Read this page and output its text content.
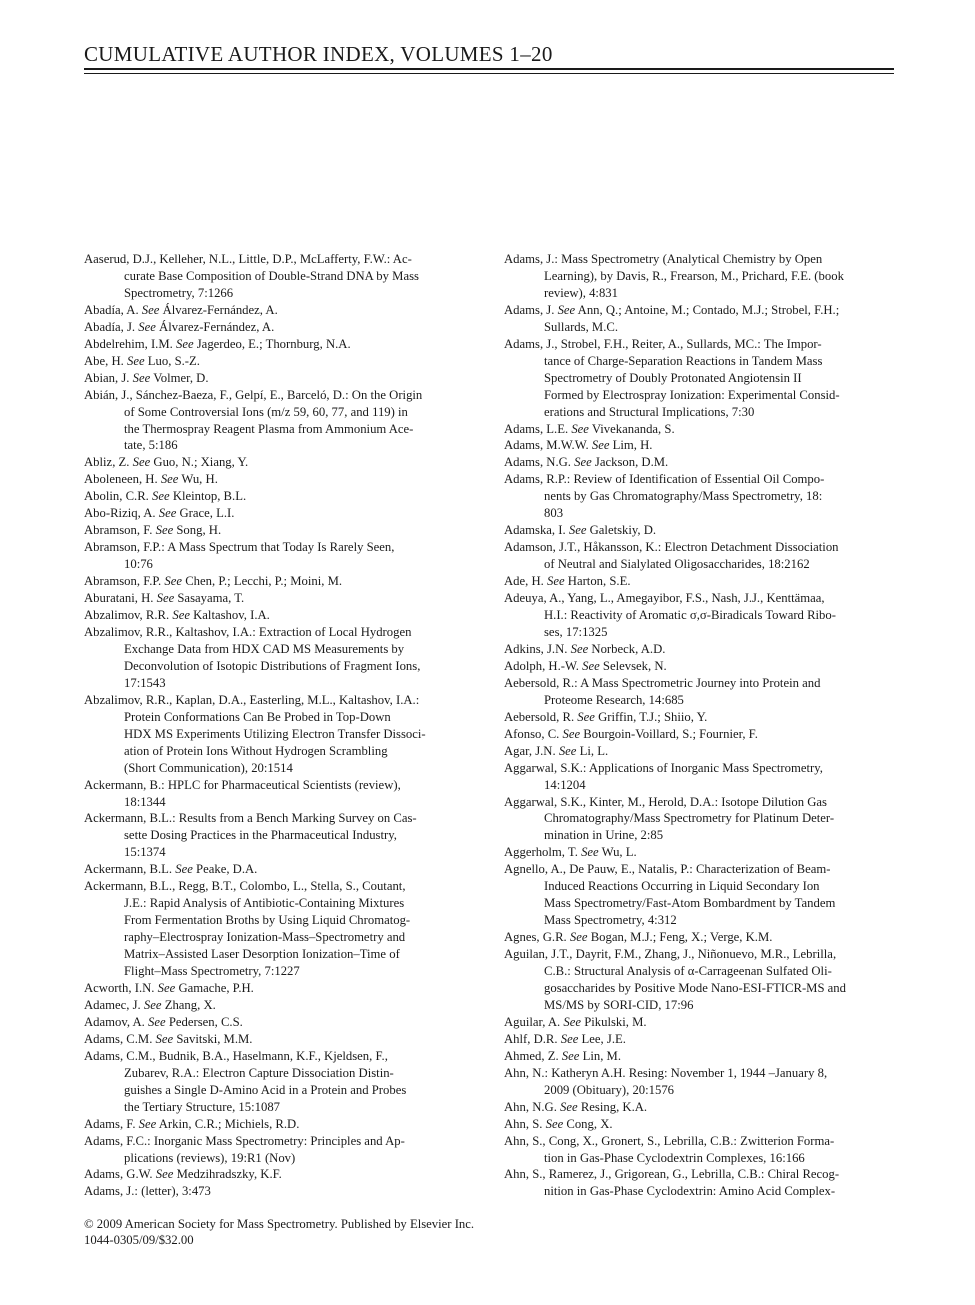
CUMULATIVE AUTHOR INDEX, VOLUMES 1–20

Aaserud, D.J., Kelleher, N.L., Little, D.P., McLafferty, F.W.: Ac-
curate Base Composition of Double-Strand DNA by Mass
Spectrometry, 7:1266

Abadía, A. See Álvarez-Fernández, A.

Abadía, J. See Álvarez-Fernández, A.

Abdelrehim, I.M. See Jagerdeo, E.; Thornburg, N.A.

Abe, H. See Luo, S.-Z.

Abian, J. See Volmer, D.

Abián, J., Sánchez-Baeza, F., Gelpí, E., Barceló, D.: On the Origin
of Some Controversial Ions (m/z 59, 60, 77, and 119) in
the Thermospray Reagent Plasma from Ammonium Ace-
tate, 5:186

Abliz, Z. See Guo, N.; Xiang, Y.

Aboleneen, H. See Wu, H.

Abolin, C.R. See Kleintop, B.L.

Abo-Riziq, A. See Grace, L.I.

Abramson, F. See Song, H.

Abramson, F.P.: A Mass Spectrum that Today Is Rarely Seen,
10:76

Abramson, F.P. See Chen, P.; Lecchi, P.; Moini, M.

Aburatani, H. See Sasayama, T.

Abzalimov, R.R. See Kaltashov, I.A.

Abzalimov, R.R., Kaltashov, I.A.: Extraction of Local Hydrogen
Exchange Data from HDX CAD MS Measurements by
Deconvolution of Isotopic Distributions of Fragment Ions,
17:1543

Abzalimov, R.R., Kaplan, D.A., Easterling, M.L., Kaltashov, I.A.:
Protein Conformations Can Be Probed in Top-Down
HDX MS Experiments Utilizing Electron Transfer Dissoci-
ation of Protein Ions Without Hydrogen Scrambling
(Short Communication), 20:1514

Ackermann, B.: HPLC for Pharmaceutical Scientists (review),
18:1344

Ackermann, B.L.: Results from a Bench Marking Survey on Cas-
sette Dosing Practices in the Pharmaceutical Industry,
15:1374

Ackermann, B.L. See Peake, D.A.

Ackermann, B.L., Regg, B.T., Colombo, L., Stella, S., Coutant,
J.E.: Rapid Analysis of Antibiotic-Containing Mixtures
From Fermentation Broths by Using Liquid Chromatog-
raphy–Electrospray Ionization-Mass–Spectrometry and
Matrix–Assisted Laser Desorption Ionization–Time of
Flight–Mass Spectrometry, 7:1227

Acworth, I.N. See Gamache, P.H.

Adamec, J. See Zhang, X.

Adamov, A. See Pedersen, C.S.

Adams, C.M. See Savitski, M.M.

Adams, C.M., Budnik, B.A., Haselmann, K.F., Kjeldsen, F.,
Zubarev, R.A.: Electron Capture Dissociation Distin-
guishes a Single D-Amino Acid in a Protein and Probes
the Tertiary Structure, 15:1087

Adams, F. See Arkin, C.R.; Michiels, R.D.

Adams, F.C.: Inorganic Mass Spectrometry: Principles and Ap-
plications (reviews), 19:R1 (Nov)

Adams, G.W. See Medzihradszky, K.F.

Adams, J.: (letter), 3:473

Adams, J.: Mass Spectrometry (Analytical Chemistry by Open
Learning), by Davis, R., Frearson, M., Prichard, F.E. (book
review), 4:831

Adams, J. See Ann, Q.; Antoine, M.; Contado, M.J.; Strobel, F.H.;
Sullards, M.C.

Adams, J., Strobel, F.H., Reiter, A., Sullards, MC.: The Impor-
tance of Charge-Separation Reactions in Tandem Mass
Spectrometry of Doubly Protonated Angiotensin II
Formed by Electrospray Ionization: Experimental Consid-
erations and Structural Implications, 7:30

Adams, L.E. See Vivekananda, S.

Adams, M.W.W. See Lim, H.

Adams, N.G. See Jackson, D.M.

Adams, R.P.: Review of Identification of Essential Oil Compo-
nents by Gas Chromatography/Mass Spectrometry, 18:
803

Adamska, I. See Galetskiy, D.

Adamson, J.T., Håkansson, K.: Electron Detachment Dissociation
of Neutral and Sialylated Oligosaccharides, 18:2162

Ade, H. See Harton, S.E.

Adeuya, A., Yang, L., Amegayibor, F.S., Nash, J.J., Kenttämaa,
H.I.: Reactivity of Aromatic σ,σ-Biradicals Toward Ribo-
ses, 17:1325

Adkins, J.N. See Norbeck, A.D.

Adolph, H.-W. See Selevsek, N.

Aebersold, R.: A Mass Spectrometric Journey into Protein and
Proteome Research, 14:685

Aebersold, R. See Griffin, T.J.; Shiio, Y.

Afonso, C. See Bourgoin-Voillard, S.; Fournier, F.

Agar, J.N. See Li, L.

Aggarwal, S.K.: Applications of Inorganic Mass Spectrometry,
14:1204

Aggarwal, S.K., Kinter, M., Herold, D.A.: Isotope Dilution Gas
Chromatography/Mass Spectrometry for Platinum Deter-
mination in Urine, 2:85

Aggerholm, T. See Wu, L.

Agnello, A., De Pauw, E., Natalis, P.: Characterization of Beam-
Induced Reactions Occurring in Liquid Secondary Ion
Mass Spectrometry/Fast-Atom Bombardment by Tandem
Mass Spectrometry, 4:312

Agnes, G.R. See Bogan, M.J.; Feng, X.; Verge, K.M.

Aguilan, J.T., Dayrit, F.M., Zhang, J., Niñonuevo, M.R., Lebrilla,
C.B.: Structural Analysis of α-Carrageenan Sulfated Oli-
gosaccharides by Positive Mode Nano-ESI-FTICR-MS and
MS/MS by SORI-CID, 17:96

Aguilar, A. See Pikulski, M.

Ahlf, D.R. See Lee, J.E.

Ahmed, Z. See Lin, M.

Ahn, N.: Katheryn A.H. Resing: November 1, 1944 –January 8,
2009 (Obituary), 20:1576

Ahn, N.G. See Resing, K.A.

Ahn, S. See Cong, X.

Ahn, S., Cong, X., Gronert, S., Lebrilla, C.B.: Zwitterion Forma-
tion in Gas-Phase Cyclodextrin Complexes, 16:166

Ahn, S., Ramerez, J., Grigorean, G., Lebrilla, C.B.: Chiral Recog-
nition in Gas-Phase Cyclodextrin: Amino Acid Complex-

© 2009 American Society for Mass Spectrometry. Published by Elsevier Inc.
1044-0305/09/$32.00
